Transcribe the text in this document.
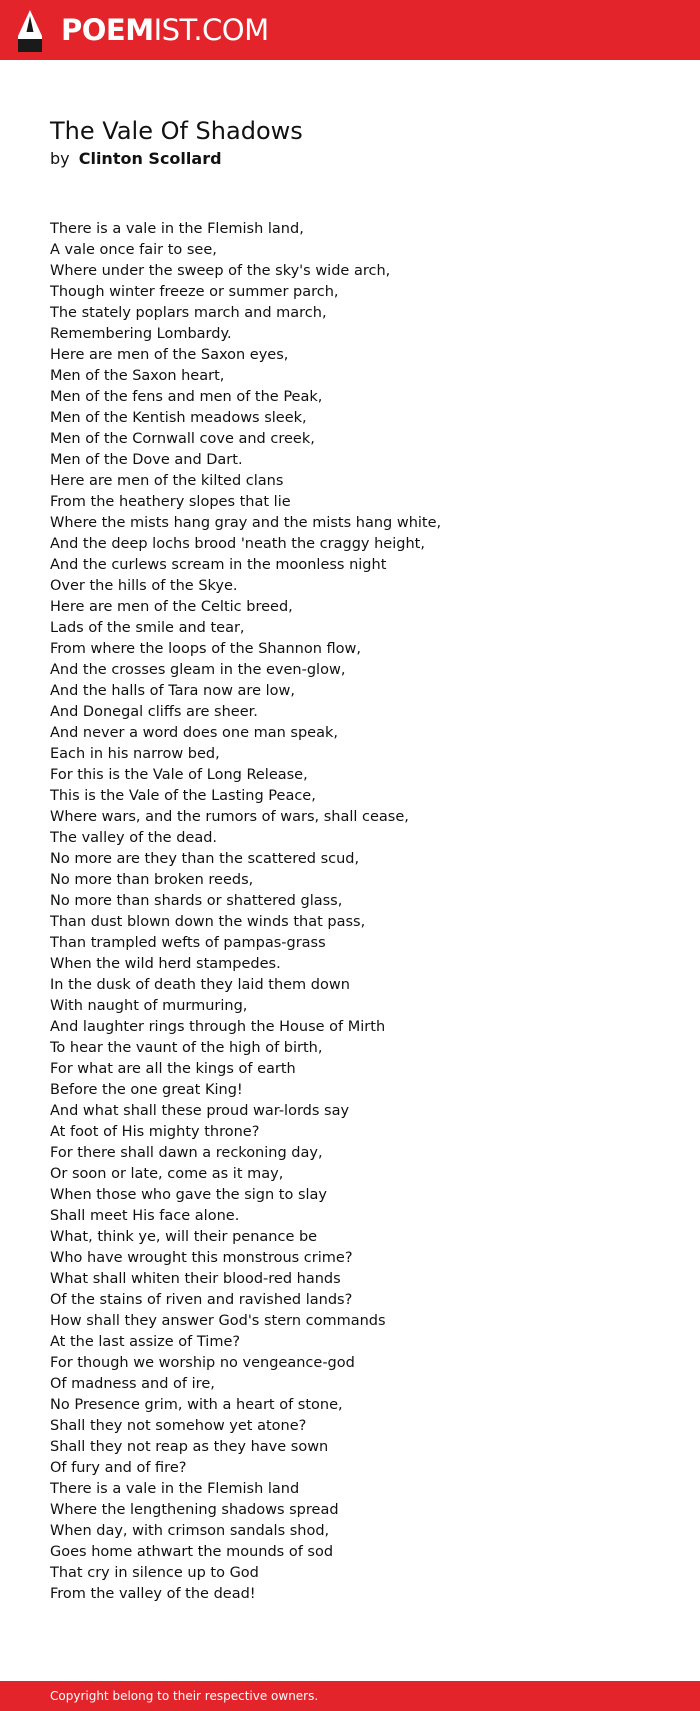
POEMIST.COM
The Vale Of Shadows
by Clinton Scollard
There is a vale in the Flemish land,
A vale once fair to see,
Where under the sweep of the sky's wide arch,
Though winter freeze or summer parch,
The stately poplars march and march,
Remembering Lombardy.
Here are men of the Saxon eyes,
Men of the Saxon heart,
Men of the fens and men of the Peak,
Men of the Kentish meadows sleek,
Men of the Cornwall cove and creek,
Men of the Dove and Dart.
Here are men of the kilted clans
From the heathery slopes that lie
Where the mists hang gray and the mists hang white,
And the deep lochs brood 'neath the craggy height,
And the curlews scream in the moonless night
Over the hills of the Skye.
Here are men of the Celtic breed,
Lads of the smile and tear,
From where the loops of the Shannon flow,
And the crosses gleam in the even-glow,
And the halls of Tara now are low,
And Donegal cliffs are sheer.
And never a word does one man speak,
Each in his narrow bed,
For this is the Vale of Long Release,
This is the Vale of the Lasting Peace,
Where wars, and the rumors of wars, shall cease,
The valley of the dead.
No more are they than the scattered scud,
No more than broken reeds,
No more than shards or shattered glass,
Than dust blown down the winds that pass,
Than trampled wefts of pampas-grass
When the wild herd stampedes.
In the dusk of death they laid them down
With naught of murmuring,
And laughter rings through the House of Mirth
To hear the vaunt of the high of birth,
For what are all the kings of earth
Before the one great King!
And what shall these proud war-lords say
At foot of His mighty throne?
For there shall dawn a reckoning day,
Or soon or late, come as it may,
When those who gave the sign to slay
Shall meet His face alone.
What, think ye, will their penance be
Who have wrought this monstrous crime?
What shall whiten their blood-red hands
Of the stains of riven and ravished lands?
How shall they answer God's stern commands
At the last assize of Time?
For though we worship no vengeance-god
Of madness and of ire,
No Presence grim, with a heart of stone,
Shall they not somehow yet atone?
Shall they not reap as they have sown
Of fury and of fire?
There is a vale in the Flemish land
Where the lengthening shadows spread
When day, with crimson sandals shod,
Goes home athwart the mounds of sod
That cry in silence up to God
From the valley of the dead!
Copyright belong to their respective owners.
